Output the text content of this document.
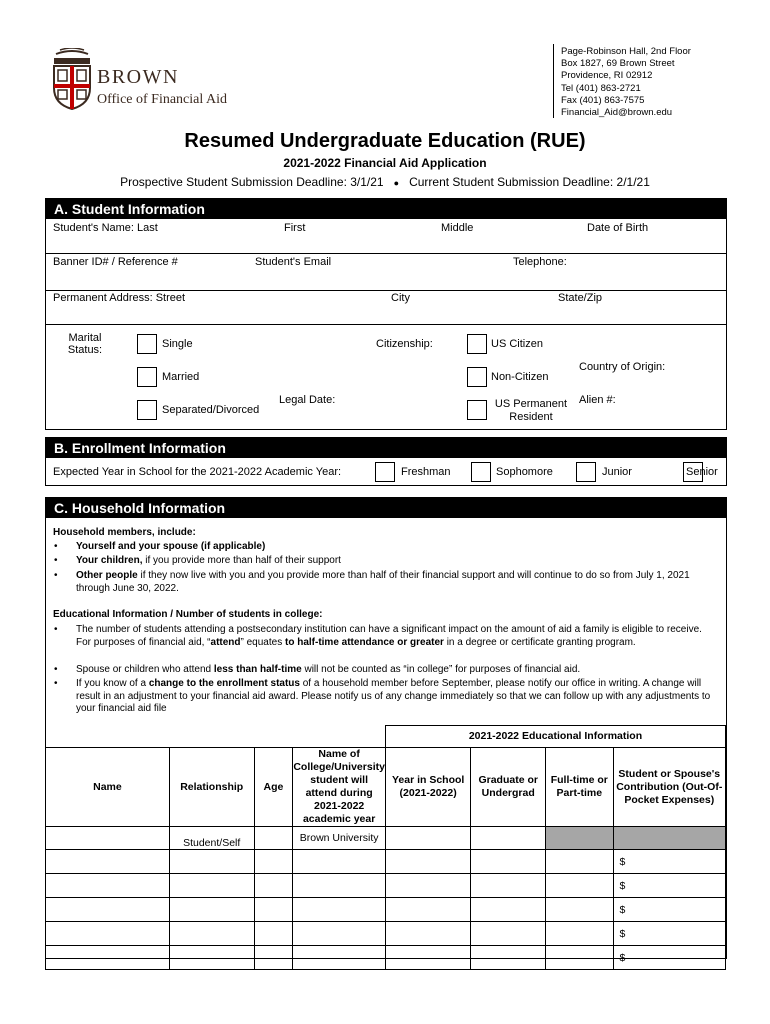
BROWN
Office of Financial Aid
Page-Robinson Hall, 2nd Floor
Box 1827, 69 Brown Street
Providence, RI 02912
Tel (401) 863-2721
Fax (401) 863-7575
Financial_Aid@brown.edu
Resumed Undergraduate Education (RUE)
2021-2022 Financial Aid Application
Prospective Student Submission Deadline: 3/1/21 ● Current Student Submission Deadline: 2/1/21
A. Student Information
Student's Name: Last	First	Middle	Date of Birth
Banner ID# / Reference #	Student's Email	Telephone:
Permanent Address: Street	City	State/Zip
Marital Status:	Single
Married
Separated/Divorced
Legal Date:
Citizenship:	US Citizen
Non-Citizen
US Permanent Resident
Country of Origin:
Alien #:
B. Enrollment Information
Expected Year in School for the 2021-2022 Academic Year:	Freshman	Sophomore	Junior	Senior
C. Household Information
Household members, include:
• Yourself and your spouse (if applicable)
• Your children, if you provide more than half of their support
• Other people if they now live with you and you provide more than half of their financial support and will continue to do so from July 1, 2021 through June 30, 2022.
Educational Information / Number of students in college:
• The number of students attending a postsecondary institution can have a significant impact on the amount of aid a family is eligible to receive. For purposes of financial aid, “attend” equates to half-time attendance or greater in a degree or certificate granting program.
• Spouse or children who attend less than half-time will not be counted as “in college” for purposes of financial aid.
• If you know of a change to the enrollment status of a household member before September, please notify our office in writing. A change will result in an adjustment to your financial aid award. Please notify us of any change immediately so that we can follow up with any adjustments to your financial aid file
				2021-2022 Educational Information			
Name	Relationship	Age	Name of College/University student will attend during 2021-2022 academic year	Year in School (2021-2022)	Graduate or Undergrad	Full-time or Part-time	Student or Spouse's Contribution (Out-Of-Pocket Expenses)
	Student/Self		Brown University				
							$
							$
							$
							$
							$
